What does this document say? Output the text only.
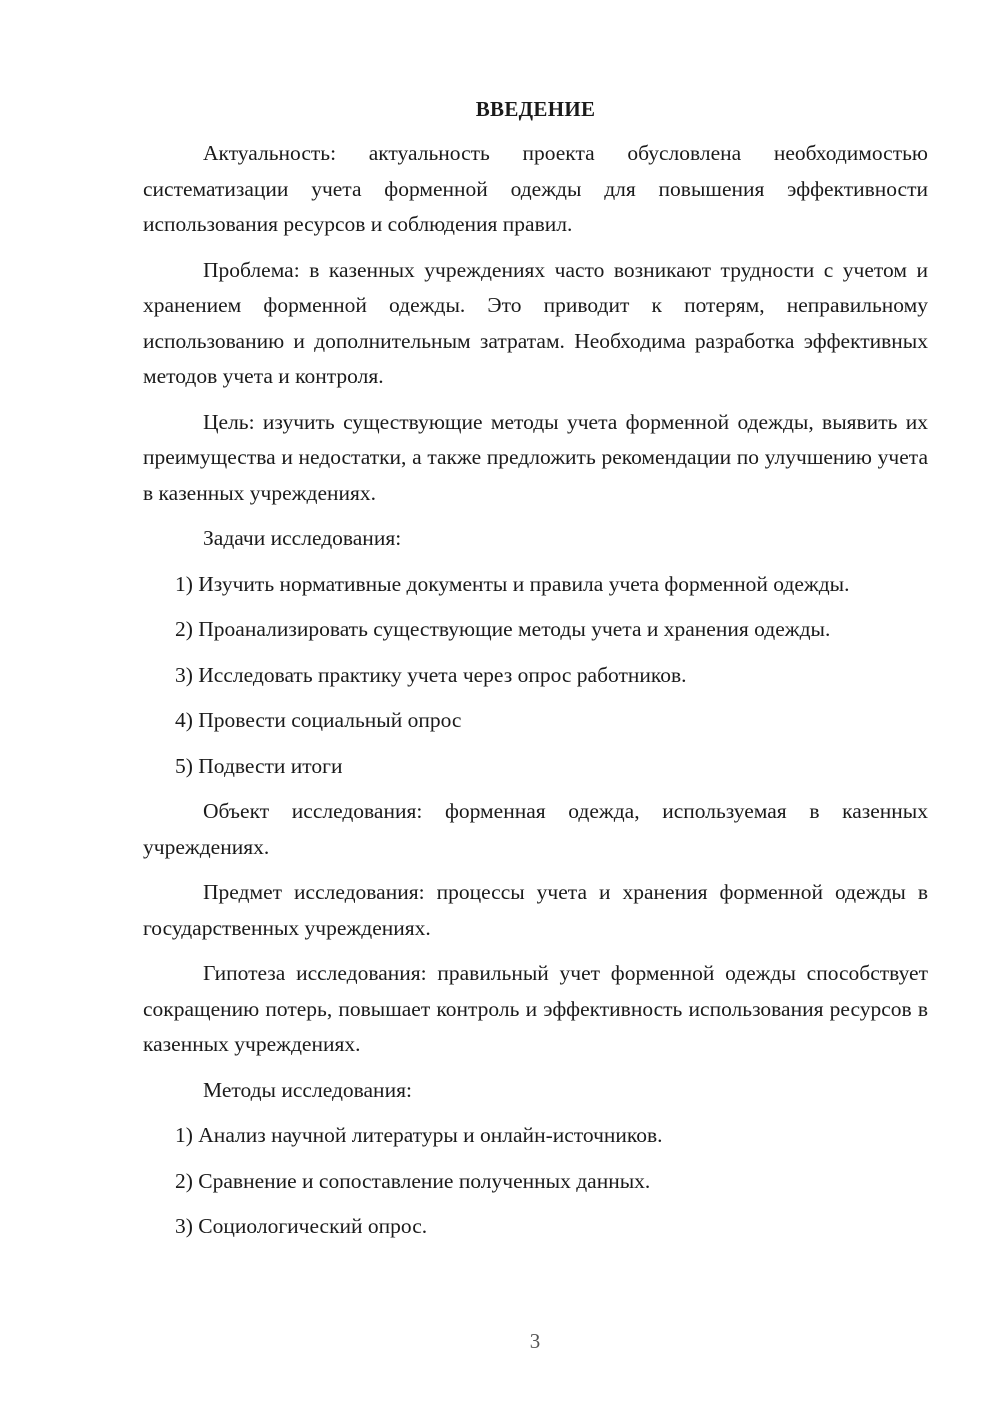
ВВЕДЕНИЕ

Актуальность: актуальность проекта обусловлена необходимостью систематизации учета форменной одежды для повышения эффективности использования ресурсов и соблюдения правил.

Проблема: в казенных учреждениях часто возникают трудности с учетом и хранением форменной одежды. Это приводит к потерям, неправильному использованию и дополнительным затратам. Необходима разработка эффективных методов учета и контроля.

Цель: изучить существующие методы учета форменной одежды, выявить их преимущества и недостатки, а также предложить рекомендации по улучшению учета в казенных учреждениях.

Задачи исследования:

1) Изучить нормативные документы и правила учета форменной одежды.

2) Проанализировать существующие методы учета и хранения одежды.

3) Исследовать практику учета через опрос работников.

4) Провести социальный опрос

5) Подвести итоги

Объект исследования: форменная одежда, используемая в казенных учреждениях.

Предмет исследования: процессы учета и хранения форменной одежды в государственных учреждениях.

Гипотеза исследования: правильный учет форменной одежды способствует сокращению потерь, повышает контроль и эффективность использования ресурсов в казенных учреждениях.

Методы исследования:

1) Анализ научной литературы и онлайн-источников.

2) Сравнение и сопоставление полученных данных.

3) Социологический опрос.

3
